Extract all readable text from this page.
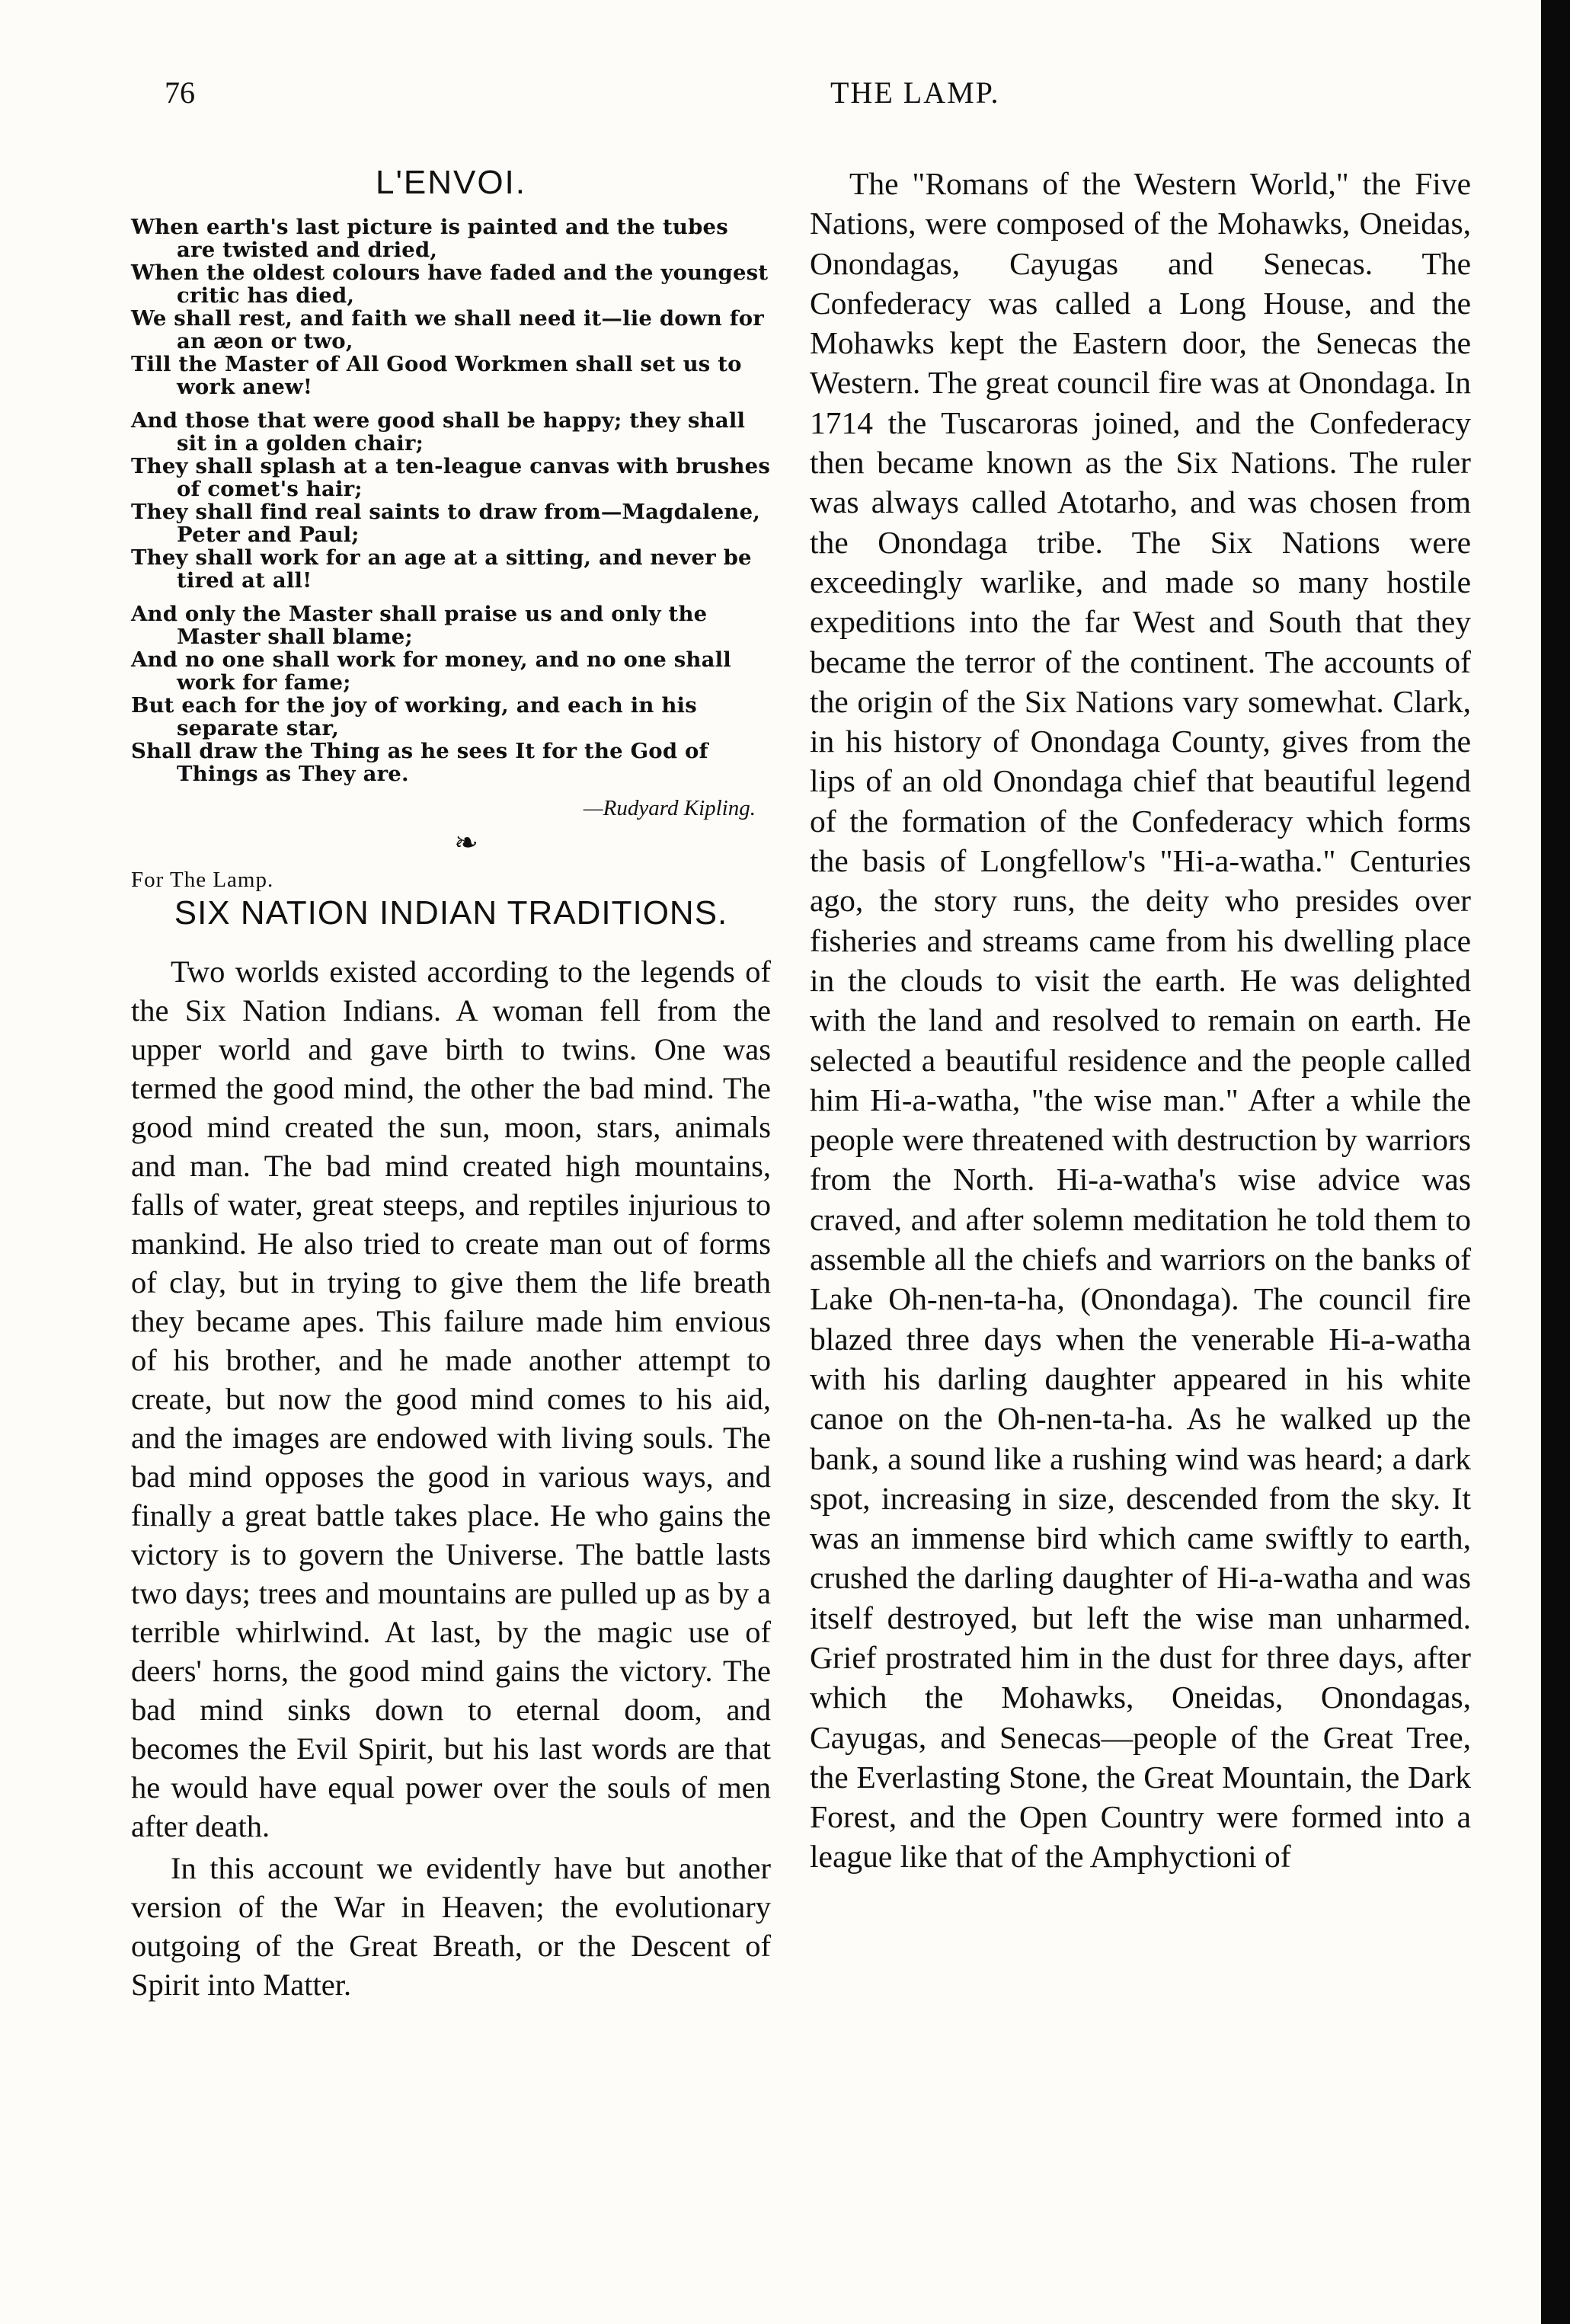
76	THE LAMP.
L'ENVOI.
When earth's last picture is painted and the tubes are twisted and dried,
When the oldest colours have faded and the youngest critic has died,
We shall rest, and faith we shall need it—lie down for an æon or two,
Till the Master of All Good Workmen shall set us to work anew!
And those that were good shall be happy; they shall sit in a golden chair;
They shall splash at a ten-league canvas with brushes of comet's hair;
They shall find real saints to draw from—Magdalene, Peter and Paul;
They shall work for an age at a sitting, and never be tired at all!
And only the Master shall praise us and only the Master shall blame;
And no one shall work for money, and no one shall work for fame;
But each for the joy of working, and each in his separate star,
Shall draw the Thing as he sees It for the God of Things as They are.
—Rudyard Kipling.
❧
For The Lamp.
SIX NATION INDIAN TRADITIONS.

Two worlds existed according to the legends of the Six Nation Indians. A woman fell from the upper world and gave birth to twins. One was termed the good mind, the other the bad mind. The good mind created the sun, moon, stars, animals and man. The bad mind created high mountains, falls of water, great steeps, and reptiles injurious to mankind. He also tried to create man out of forms of clay, but in trying to give them the life breath they became apes. This failure made him envious of his brother, and he made another attempt to create, but now the good mind comes to his aid, and the images are endowed with living souls. The bad mind opposes the good in various ways, and finally a great battle takes place. He who gains the victory is to govern the Universe. The battle lasts two days; trees and mountains are pulled up as by a terrible whirlwind. At last, by the magic use of deers' horns, the good mind gains the victory. The bad mind sinks down to eternal doom, and becomes the Evil Spirit, but his last words are that he would have equal power over the souls of men after death.

In this account we evidently have but another version of the War in Heaven; the evolutionary outgoing of the Great Breath, or the Descent of Spirit into Matter.

The "Romans of the Western World," the Five Nations, were composed of the Mohawks, Oneidas, Onondagas, Cayugas and Senecas. The Confederacy was called a Long House, and the Mohawks kept the Eastern door, the Senecas the Western. The great council fire was at Onondaga. In 1714 the Tuscaroras joined, and the Confederacy then became known as the Six Nations. The ruler was always called Atotarho, and was chosen from the Onondaga tribe. The Six Nations were exceedingly warlike, and made so many hostile expeditions into the far West and South that they became the terror of the continent. The accounts of the origin of the Six Nations vary somewhat. Clark, in his history of Onondaga County, gives from the lips of an old Onondaga chief that beautiful legend of the formation of the Confederacy which forms the basis of Longfellow's "Hi-a-watha." Centuries ago, the story runs, the deity who presides over fisheries and streams came from his dwelling place in the clouds to visit the earth. He was delighted with the land and resolved to remain on earth. He selected a beautiful residence and the people called him Hi-a-watha, "the wise man." After a while the people were threatened with destruction by warriors from the North. Hi-a-watha's wise advice was craved, and after solemn meditation he told them to assemble all the chiefs and warriors on the banks of Lake Oh-nen-ta-ha, (Onondaga). The council fire blazed three days when the venerable Hi-a-watha with his darling daughter appeared in his white canoe on the Oh-nen-ta-ha. As he walked up the bank, a sound like a rushing wind was heard; a dark spot, increasing in size, descended from the sky. It was an immense bird which came swiftly to earth, crushed the darling daughter of Hi-a-watha and was itself destroyed, but left the wise man unharmed. Grief prostrated him in the dust for three days, after which the Mohawks, Oneidas, Onondagas, Cayugas, and Senecas—people of the Great Tree, the Everlasting Stone, the Great Mountain, the Dark Forest, and the Open Country were formed into a league like that of the Amphyctioni of
